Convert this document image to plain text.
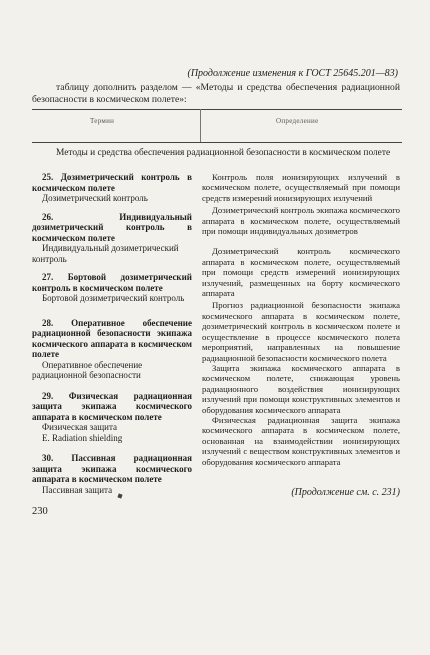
(Продолжение изменения к ГОСТ 25645.201—83)
таблицу дополнить разделом — «Методы и средства обеспечения радиационной безопасности в космическом полете»:
Термин	Определение
Методы и средства обеспечения радиационной безопасности в космическом полете
25. Дозиметрический контроль в космическом полете
Дозиметрический контроль
26. Индивидуальный дозиметрический контроль в космическом полете
Индивидуальный дозиметрический контроль
27. Бортовой дозиметрический контроль в космическом полете
Бортовой дозиметрический контроль
28. Оперативное обеспечение радиационной безопасности экипажа космического аппарата в космическом полете
Оперативное обеспечение радиационной безопасности
29. Физическая радиационная защита экипажа космического аппарата в космическом полете
Физическая защита
E. Radiation shielding
30. Пассивная радиационная защита экипажа космического аппарата в космическом полете
Пассивная защита
Контроль поля ионизирующих излучений в космическом полете, осуществляемый при помощи средств измерений ионизирующих излучений
Дозиметрический контроль экипажа космического аппарата в космическом полете, осуществляемый при помощи индивидуальных дозиметров
Дозиметрический контроль космического аппарата в космическом полете, осуществляемый при помощи средств измерений ионизирующих излучений, размещенных на борту космического аппарата
Прогноз радиационной безопасности экипажа космического аппарата в космическом полете, дозиметрический контроль в космическом полете и осуществление в процессе космического полета мероприятий, направленных на повышение радиационной безопасности космического полета
Защита экипажа космического аппарата в космическом полете, снижающая уровень радиационного воздействия ионизирующих излучений при помощи конструктивных элементов и оборудования космического аппарата
Физическая радиационная защита экипажа космического аппарата в космическом полете, основанная на взаимодействии ионизирующих излучений с веществом конструктивных элементов и оборудования космического аппарата
(Продолжение см. с. 231)
230
